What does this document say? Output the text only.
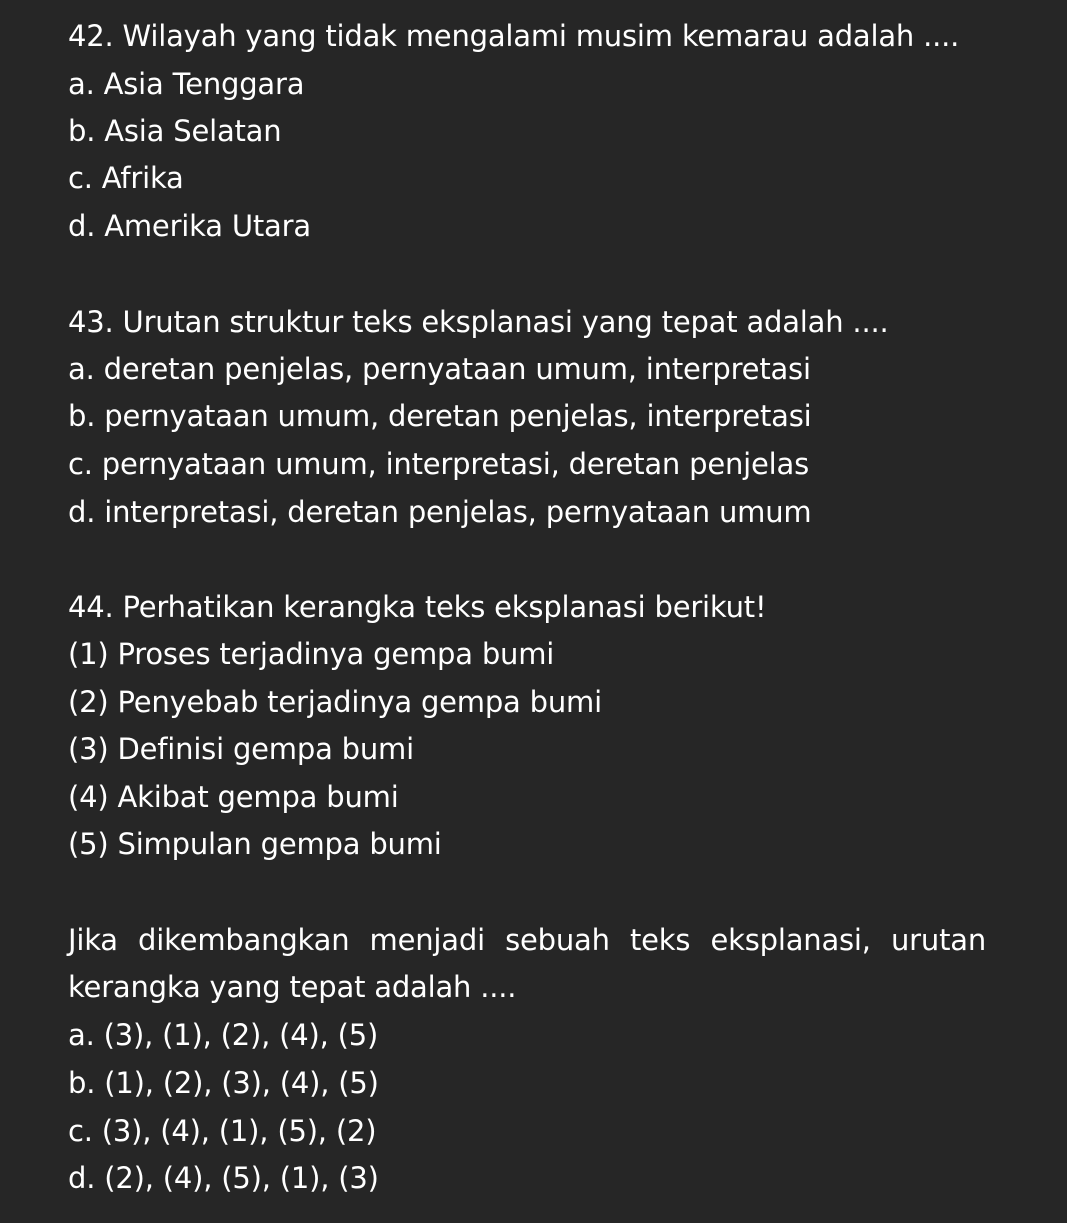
42. Wilayah yang tidak mengalami musim kemarau adalah ....
a. Asia Tenggara
b. Asia Selatan
c. Afrika
d. Amerika Utara
43. Urutan struktur teks eksplanasi yang tepat adalah ....
a. deretan penjelas, pernyataan umum, interpretasi
b. pernyataan umum, deretan penjelas, interpretasi
c. pernyataan umum, interpretasi, deretan penjelas
d. interpretasi, deretan penjelas, pernyataan umum
44. Perhatikan kerangka teks eksplanasi berikut!
(1) Proses terjadinya gempa bumi
(2) Penyebab terjadinya gempa bumi
(3) Definisi gempa bumi
(4) Akibat gempa bumi
(5) Simpulan gempa bumi
Jika dikembangkan menjadi sebuah teks eksplanasi, urutan
kerangka yang tepat adalah ....
a. (3), (1), (2), (4), (5)
b. (1), (2), (3), (4), (5)
c. (3), (4), (1), (5), (2)
d. (2), (4), (5), (1), (3)
